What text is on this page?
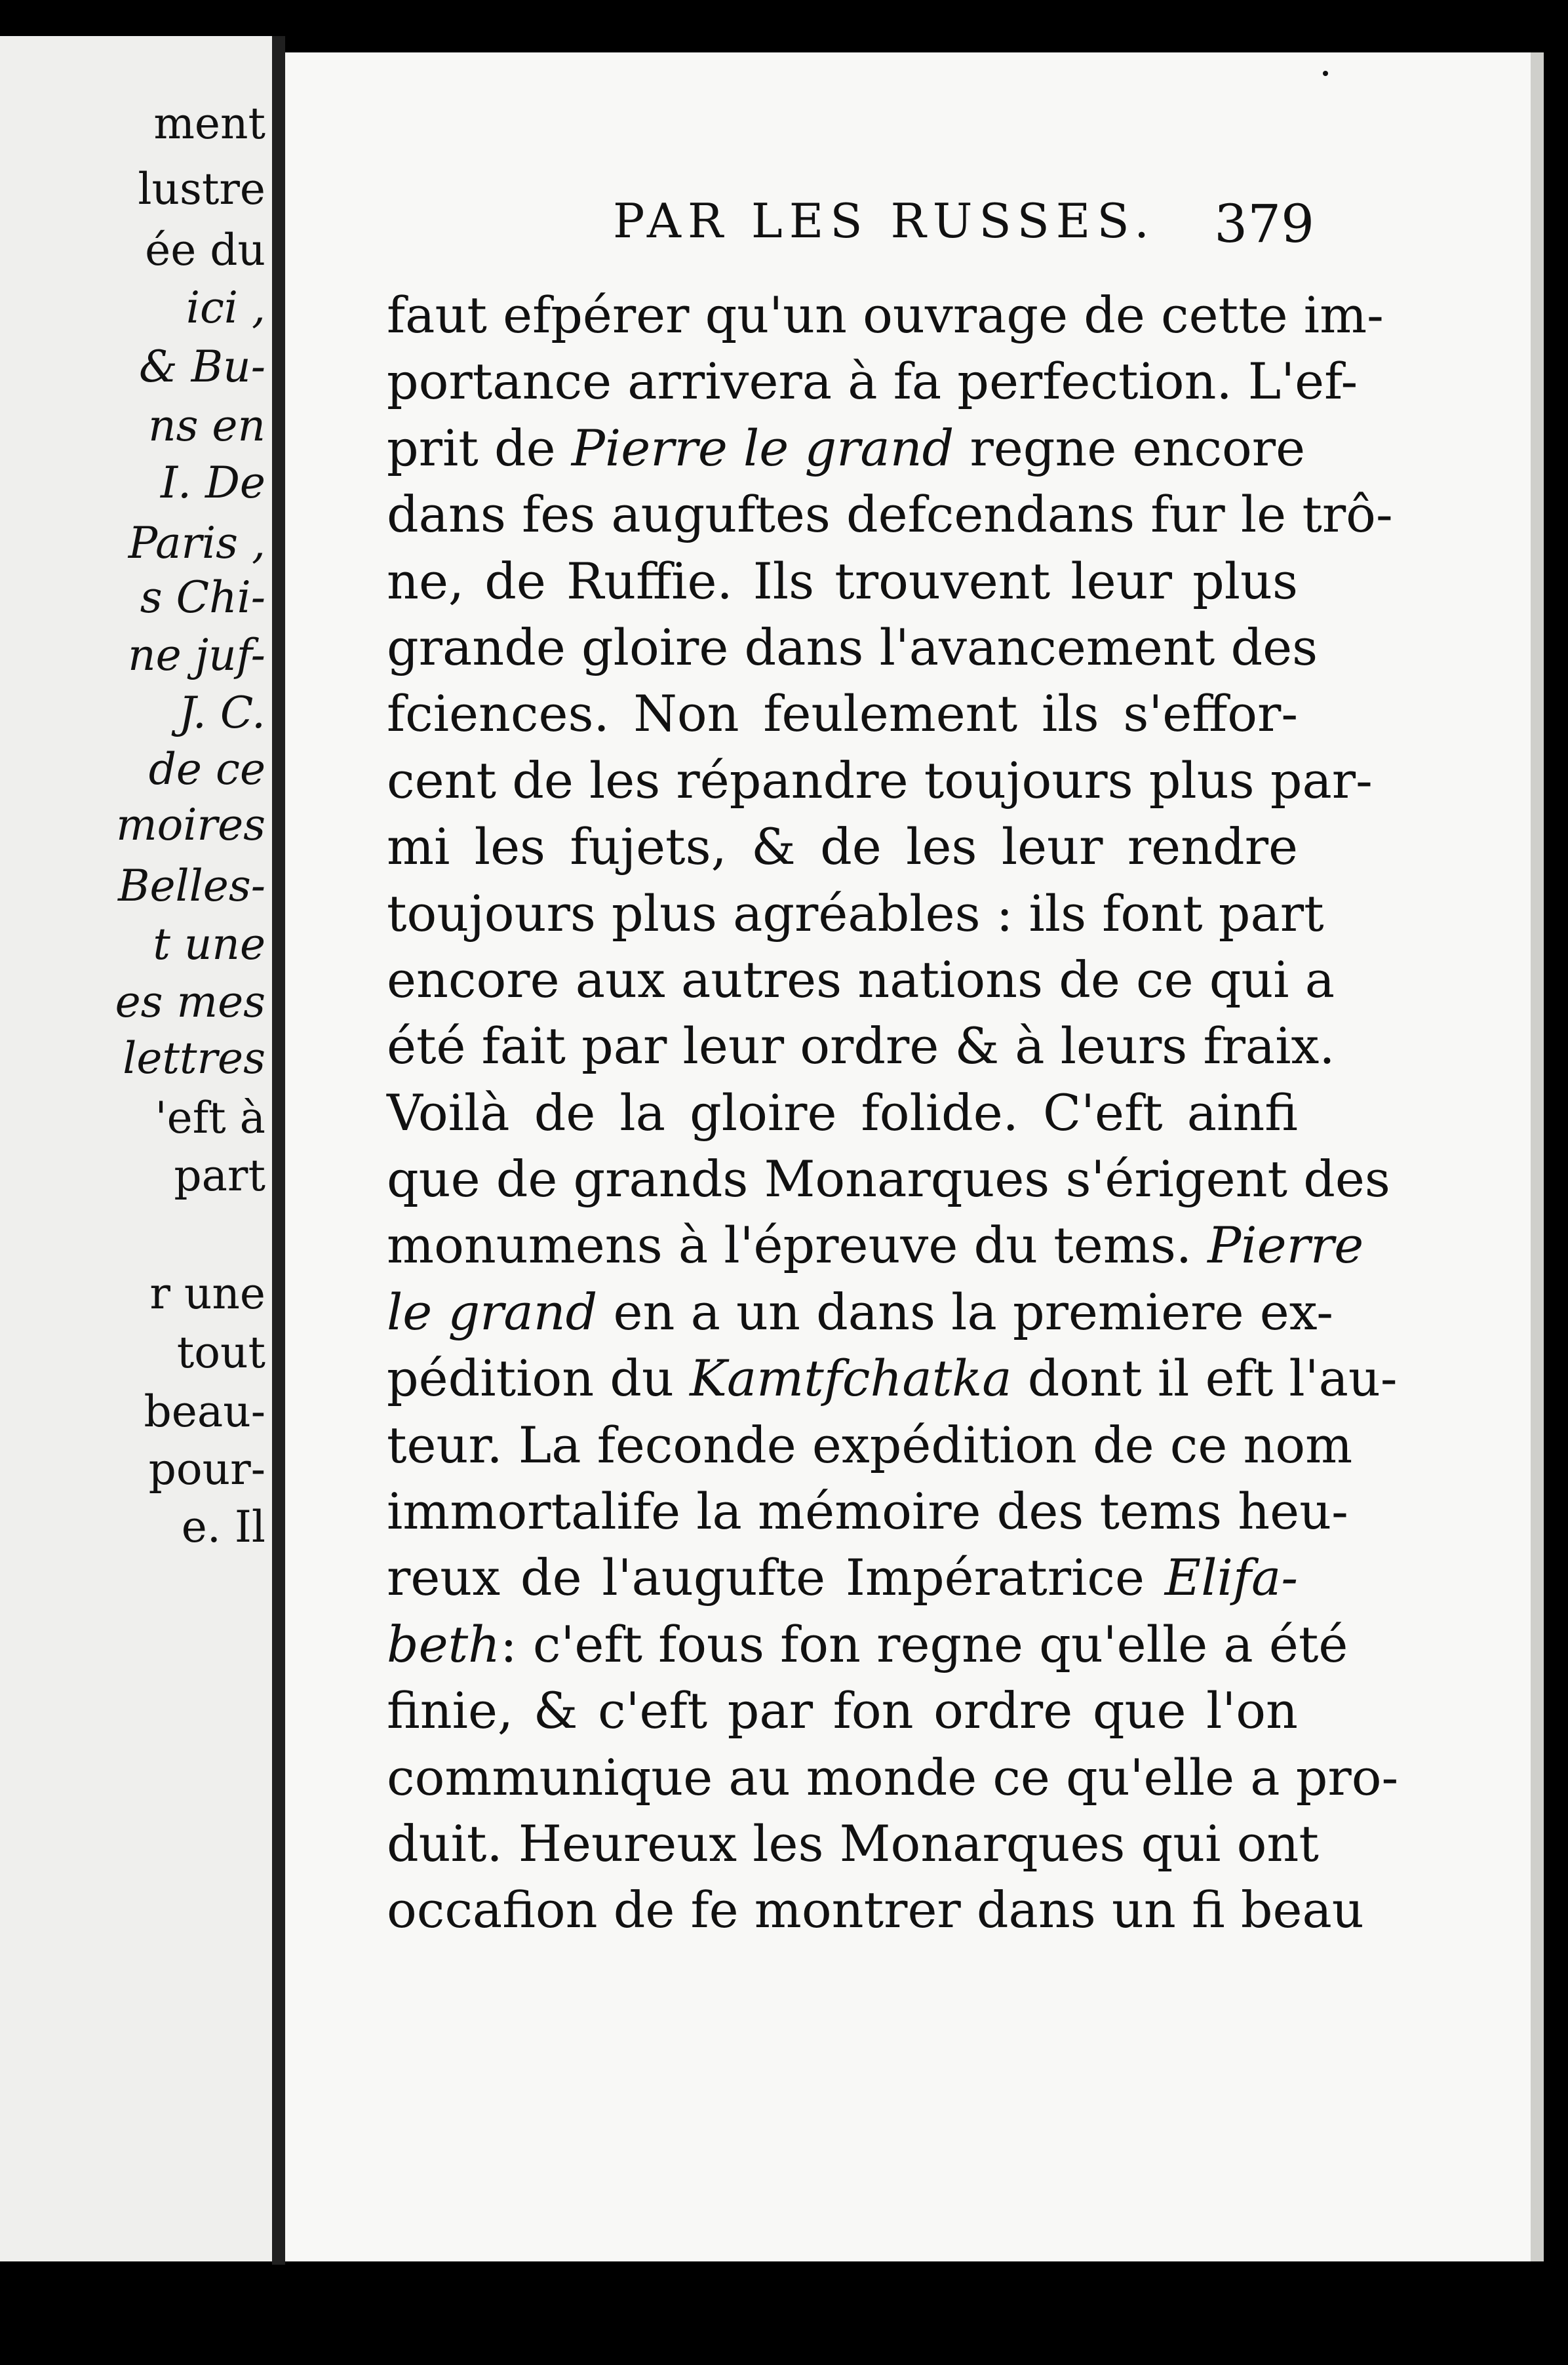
ment
lustre
ée du
ici ,
& Bu-
ns en
I. De
Paris ,
s Chi-
ne juf-
J. C.
de ce
moires
Belles-
t une
es mes
lettres
'eft à
part
r une
tout
beau-
pour-
e. Il
PAR LES RUSSES. 379
faut efpérer qu'un ouvrage de cette im-
portance arrivera à fa perfection. L'ef-
prit de Pierre le grand regne encore
dans fes auguftes defcendans fur le trô-
ne, de Ruffie. Ils trouvent leur plus
grande gloire dans l'avancement des
fciences. Non feulement ils s'effor-
cent de les répandre toujours plus par-
mi les fujets, & de les leur rendre
toujours plus agréables : ils font part
encore aux autres nations de ce qui a
été fait par leur ordre & à leurs fraix.
Voilà de la gloire folide. C'eft ainfi
que de grands Monarques s'érigent des
monumens à l'épreuve du tems. Pierre
le grand en a un dans la premiere ex-
pédition du Kamtfchatka dont il eft l'au-
teur. La feconde expédition de ce nom
immortalife la mémoire des tems heu-
reux de l'augufte Impératrice Elifa-
beth: c'eft fous fon regne qu'elle a été
finie, & c'eft par fon ordre que l'on
communique au monde ce qu'elle a pro-
duit. Heureux les Monarques qui ont
occafion de fe montrer dans un fi beau
